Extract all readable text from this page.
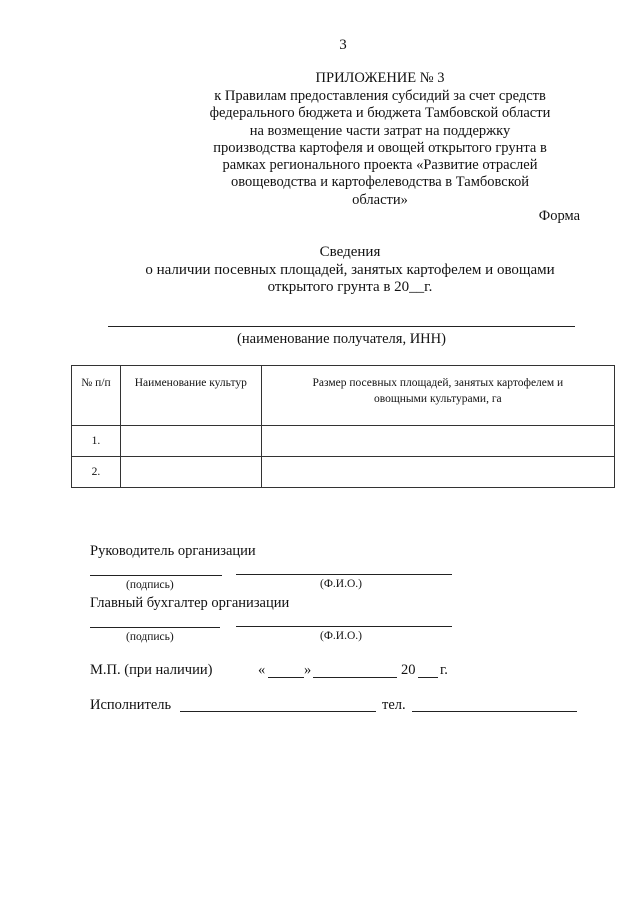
3
ПРИЛОЖЕНИЕ № 3
к Правилам предоставления субсидий за счет средств
федерального бюджета и бюджета Тамбовской области
на возмещение части затрат на поддержку
производства картофеля и овощей открытого грунта в
рамках регионального проекта «Развитие отраслей
овощеводства и картофелеводства в Тамбовской
области»
Форма
Сведения
о наличии посевных площадей, занятых картофелем и овощами
открытого грунта в 20__г.
(наименование получателя, ИНН)
№ п/п	Наименование культур	Размер посевных площадей, занятых картофелем и овощными культурами, га
1.		
2.		
Руководитель организации
(подпись)	(Ф.И.О.)
Главный бухгалтер организации
(подпись)	(Ф.И.О.)
М.П. (при наличии)	«	»	20 г.
Исполнитель	тел.
